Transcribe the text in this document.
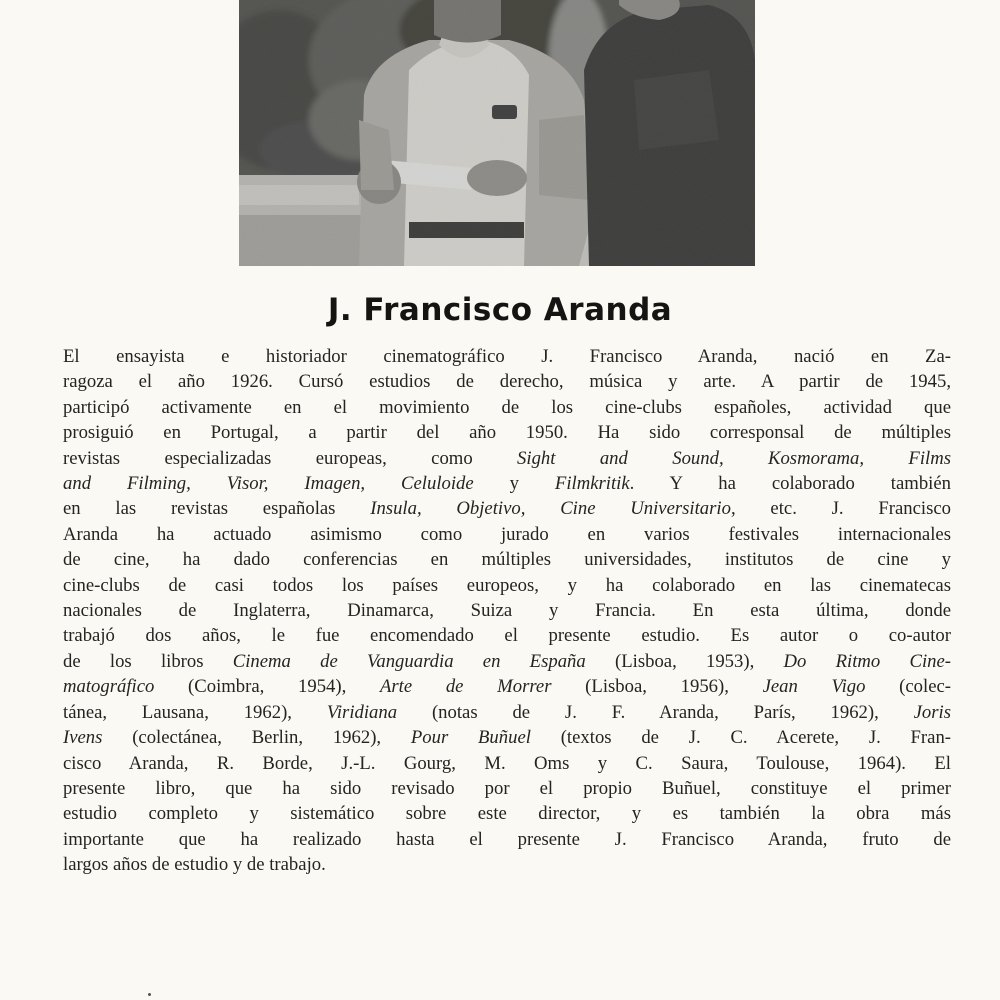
J. Francisco Aranda
El ensayista e historiador cinematográfico J. Francisco Aranda, nació en Za-
ragoza el año 1926. Cursó estudios de derecho, música y arte. A partir de 1945,
participó activamente en el movimiento de los cine-clubs españoles, actividad que
prosiguió en Portugal, a partir del año 1950. Ha sido corresponsal de múltiples
revistas especializadas europeas, como Sight and Sound, Kosmorama, Films
and Filming, Visor, Imagen, Celuloide y Filmkritik. Y ha colaborado también
en las revistas españolas Insula, Objetivo, Cine Universitario, etc. J. Francisco
Aranda ha actuado asimismo como jurado en varios festivales internacionales
de cine, ha dado conferencias en múltiples universidades, institutos de cine y
cine-clubs de casi todos los países europeos, y ha colaborado en las cinematecas
nacionales de Inglaterra, Dinamarca, Suiza y Francia. En esta última, donde
trabajó dos años, le fue encomendado el presente estudio. Es autor o co-autor
de los libros Cinema de Vanguardia en España (Lisboa, 1953), Do Ritmo Cine-
matográfico (Coimbra, 1954), Arte de Morrer (Lisboa, 1956), Jean Vigo (colec-
tánea, Lausana, 1962), Viridiana (notas de J. F. Aranda, París, 1962), Joris
Ivens (colectánea, Berlin, 1962), Pour Buñuel (textos de J. C. Acerete, J. Fran-
cisco Aranda, R. Borde, J.-L. Gourg, M. Oms y C. Saura, Toulouse, 1964). El
presente libro, que ha sido revisado por el propio Buñuel, constituye el primer
estudio completo y sistemático sobre este director, y es también la obra más
importante que ha realizado hasta el presente J. Francisco Aranda, fruto de
largos años de estudio y de trabajo.
